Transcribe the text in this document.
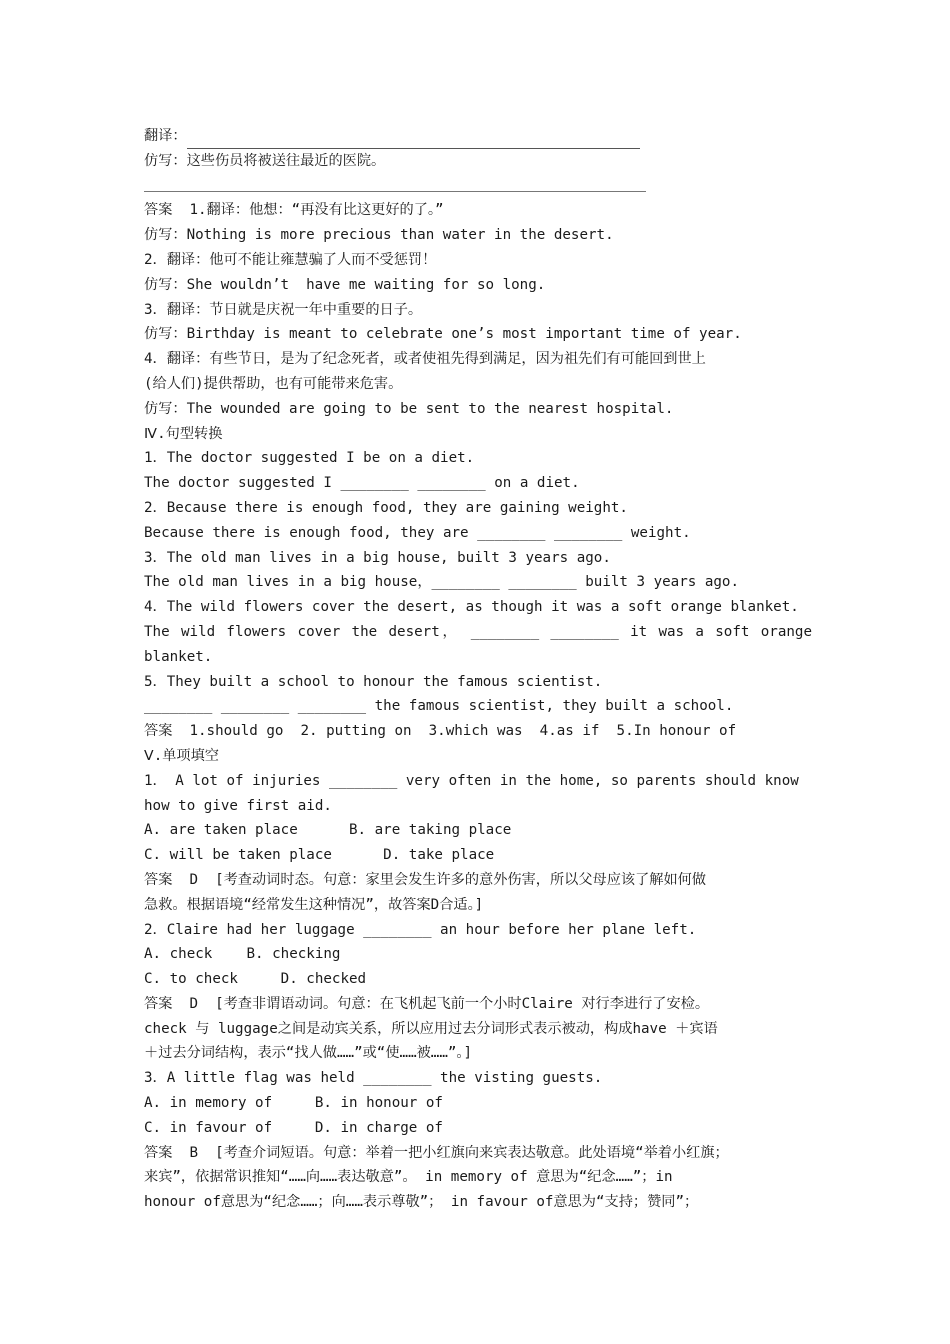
翻译：
仿写：这些伤员将被送往最近的医院。
答案  1.翻译：他想：“再没有比这更好的了。”
仿写：Nothing is more precious than water in the desert.
2．翻译：他可不能让雍慧骗了人而不受惩罚！
仿写：She wouldn’t  have me waiting for so long.
3．翻译：节日就是庆祝一年中重要的日子。
仿写：Birthday is meant to celebrate one’s most important time of year.
4．翻译：有些节日，是为了纪念死者，或者使祖先得到满足，因为祖先们有可能回到世上
(给人们)提供帮助，也有可能带来危害。
仿写：The wounded are going to be sent to the nearest hospital.
Ⅳ.句型转换
1．The doctor suggested I be on a diet.
The doctor suggested I ________ ________ on a diet.
2．Because there is enough food, they are gaining weight.
Because there is enough food, they are ________ ________ weight.
3．The old man lives in a big house, built 3 years ago.
The old man lives in a big house，________ ________ built 3 years ago.
4．The wild flowers cover the desert, as though it was a soft orange blanket.
The wild flowers cover the desert， ________ ________ it was a soft orange
blanket.
5．They built a school to honour the famous scientist.
________ ________ ________ the famous scientist, they built a school.
答案  1.should go  2. putting on  3.which was  4.as if  5.In honour of
Ⅴ.单项填空
1． A lot of injuries ________ very often in the home, so parents should know
how to give first aid.
A. are taken place      B. are taking place
C. will be taken place      D. take place
答案  D  [考查动词时态。句意：家里会发生许多的意外伤害，所以父母应该了解如何做
急救。根据语境“经常发生这种情况”，故答案D合适。]
2．Claire had her luggage ________ an hour before her plane left.
A. check    B. checking
C. to check     D. checked
答案  D  [考查非谓语动词。句意：在飞机起飞前一个小时Claire 对行李进行了安检。
check 与 luggage之间是动宾关系，所以应用过去分词形式表示被动，构成have ＋宾语
＋过去分词结构，表示“找人做……”或“使……被……”。]
3．A little flag was held ________ the visting guests.
A. in memory of     B. in honour of
C. in favour of     D. in charge of
答案  B  [考查介词短语。句意：举着一把小红旗向来宾表达敬意。此处语境“举着小红旗；
来宾”，依据常识推知“……向……表达敬意”。 in memory of 意思为“纪念……”；in
honour of意思为“纪念……；向……表示尊敬”； in favour of意思为“支持；赞同”；
